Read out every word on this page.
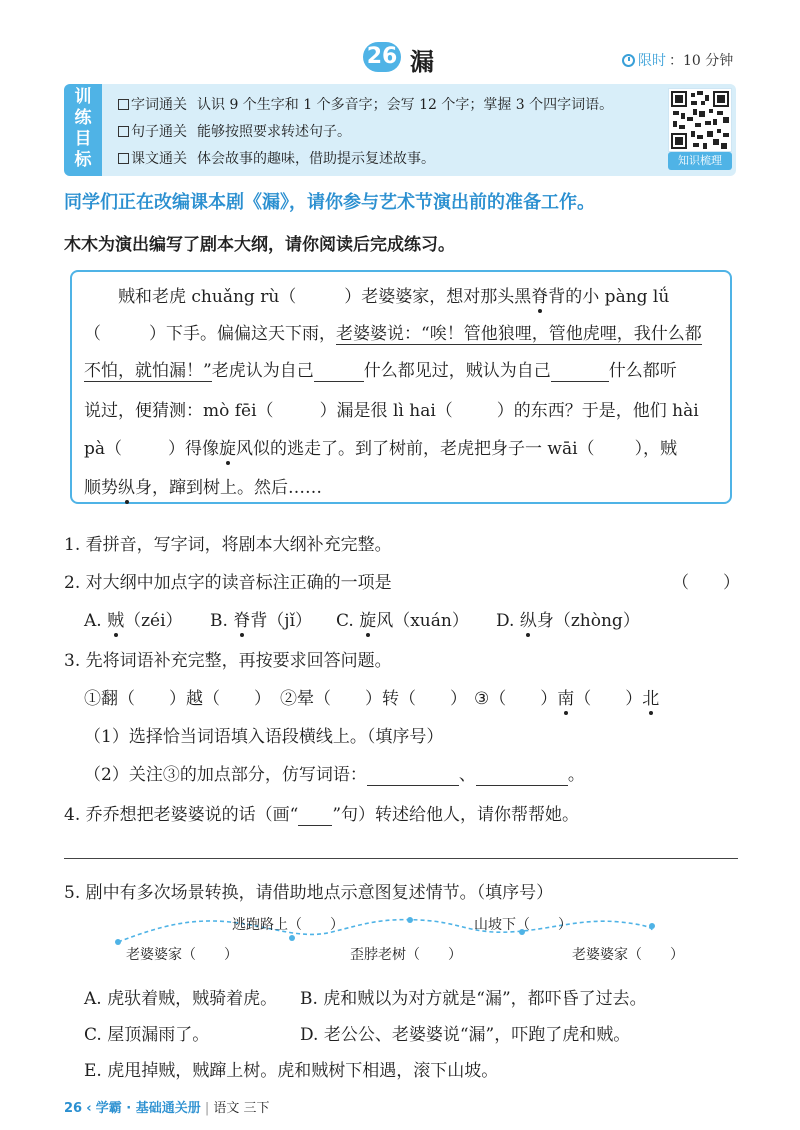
26 漏	限时 ：10 分钟
训
练
目
标
字词通关 认识 9 个生字和 1 个多音字；会写 12 个字；掌握 3 个四字词语。
句子通关 能够按照要求转述句子。
课文通关 体会故事的趣味，借助提示复述故事。	知识梳理
同学们正在改编课本剧《漏》，请你参与艺术节演出前的准备工作。
木木为演出编写了剧本大纲，请你阅读后完成练习。
贼和老虎 chuǎng rù（	）老婆婆家，想对那头黑脊背的小 pàng lǘ
（	）下手。偏偏这天下雨，老婆婆说：“唉！管他狼哩，管他虎哩，我什么都
不怕，就怕漏！”老虎认为自己	什么都见过，贼认为自己	什么都听
说过，便猜测：mò fēi（	）漏是很 lì hai（	）的东西？于是，他们 hài
pà（	）得像旋风似的逃走了。到了树前，老虎把身子一 wāi（ ），贼
顺势纵身，蹿到树上。然后……
1. 看拼音，写字词，将剧本大纲补充完整。
2. 对大纲中加点字的读音标注正确的一项是	（　　）
A. 贼（zéi） B. 脊背（jǐ） C. 旋风（xuán） D. 纵身（zhòng）
3. 先将词语补充完整，再按要求回答问题。
①翻（　　）越（　　） ②晕（　　）转（　　） ③（　　）南（　　）北
（1）选择恰当词语填入语段横线上。（填序号）
（2）关注③的加点部分，仿写词语：	、	。
4. 乔乔想把老婆婆说的话（画“ ”句）转述给他人，请你帮帮她。
5. 剧中有多次场景转换，请借助地点示意图复述情节。（填序号）
老婆婆家（　　）
逃跑路上（　　）
歪脖老树（　　）
山坡下（　　）
老婆婆家（　　）
A. 虎驮着贼，贼骑着虎。 B. 虎和贼以为对方就是“漏”，都吓昏了过去。
C. 屋顶漏雨了。	D. 老公公、老婆婆说“漏”，吓跑了虎和贼。
E. 虎甩掉贼，贼蹿上树。虎和贼树下相遇，滚下山坡。
26 ‹ 学霸 · 基础通关册 | 语文 三下
